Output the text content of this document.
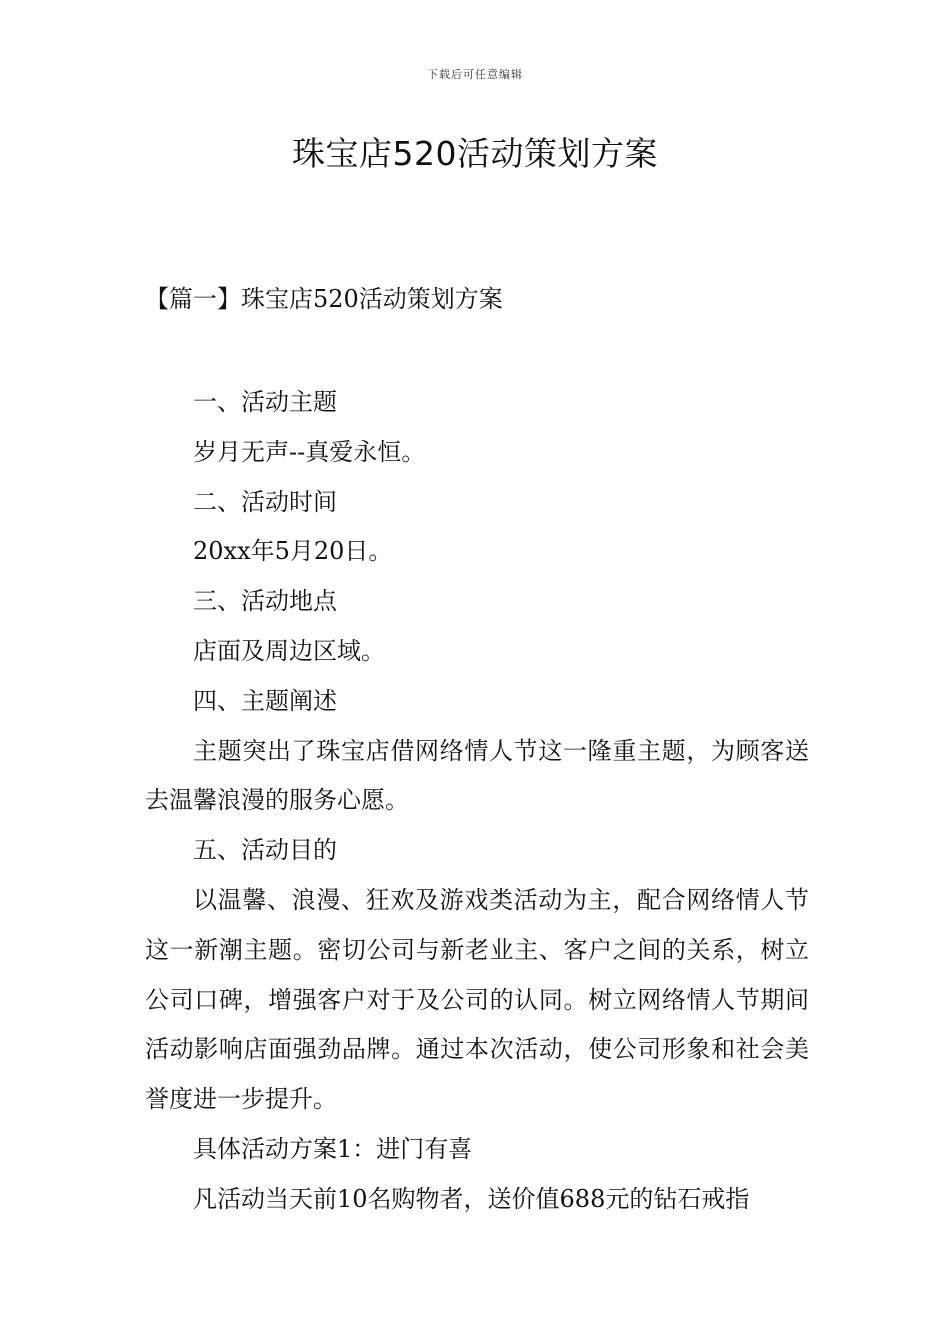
下载后可任意编辑
珠宝店520活动策划方案
【篇一】珠宝店520活动策划方案

一、活动主题

岁月无声--真爱永恒。

二、活动时间

20xx年5月20日。

三、活动地点

店面及周边区域。

四、主题阐述

主题突出了珠宝店借网络情人节这一隆重主题，为顾客送去温馨浪漫的服务心愿。

五、活动目的

以温馨、浪漫、狂欢及游戏类活动为主，配合网络情人节这一新潮主题。密切公司与新老业主、客户之间的关系，树立公司口碑，增强客户对于及公司的认同。树立网络情人节期间活动影响店面强劲品牌。通过本次活动，使公司形象和社会美誉度进一步提升。

具体活动方案1：进门有喜

凡活动当天前10名购物者，送价值688元的钻石戒指
